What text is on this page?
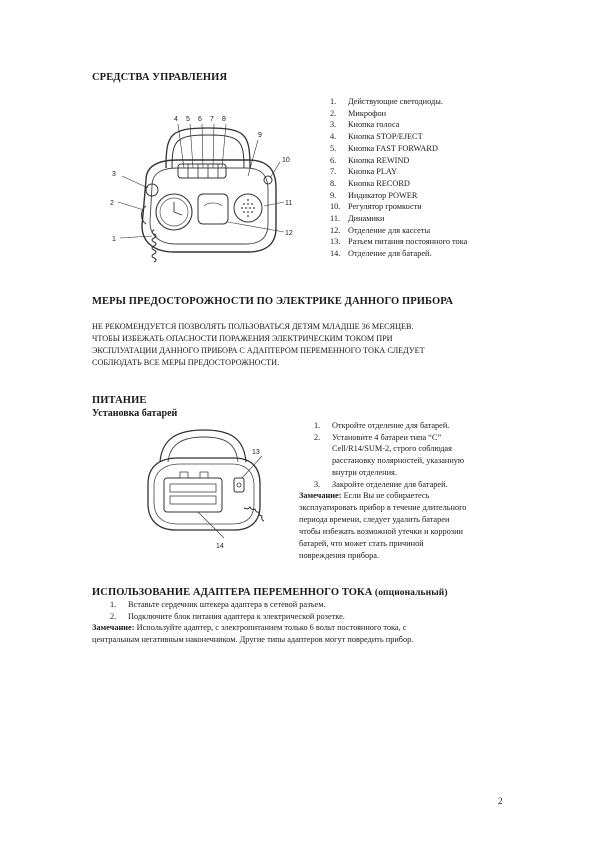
СРЕДСТВА УПРАВЛЕНИЯ
4 5 6 7 8
9
10
3
2
1
11
12
1. Действующие светодиоды.
2. Микрофон
3. Кнопка голоса
4. Кнопка STOP/EJECT
5. Кнопка FAST FORWARD
6. Кнопка REWIND
7. Кнопка PLAY
8. Кнопка RECORD
9. Индикатор POWER
10. Регулятор громкости
11. Динамики
12. Отделение для кассеты
13. Разъем питания постоянного тока
14. Отделение для батарей.
МЕРЫ ПРЕДОСТОРОЖНОСТИ ПО ЭЛЕКТРИКЕ ДАННОГО ПРИБОРА
НЕ РЕКОМЕНДУЕТСЯ ПОЗВОЛЯТЬ ПОЛЬЗОВАТЬСЯ ДЕТЯМ МЛАДШЕ 36 МЕСЯЦЕВ.
ЧТОБЫ ИЗБЕЖАТЬ ОПАСНОСТИ ПОРАЖЕНИЯ ЭЛЕКТРИЧЕСКИМ ТОКОМ ПРИ
ЭКСПЛУАТАЦИИ ДАННОГО ПРИБОРА С АДАПТЕРОМ ПЕРЕМЕННОГО ТОКА СЛЕДУЕТ
СОБЛЮДАТЬ ВСЕ МЕРЫ ПРЕДОСТОРОЖНОСТИ.
ПИТАНИЕ
Установка батарей
13
14
1. Откройте отделение для батарей.
2. Установите 4 батареи типа “С”
Cell/R14/SUM-2, строго соблюдая
расстановку полярностей, указанную
внутри отделения.
3. Закройте отделение для батарей.
Замечание: Если Вы не собираетесь
эксплуатировать прибор в течение длительного
периода времени, следует удалить батареи
чтобы избежать возможной утечки и коррозии
батарей, что может стать причиной
повреждения прибора.
ИСПОЛЬЗОВАНИЕ АДАПТЕРА ПЕРЕМЕННОГО ТОКА (опциональный)
1. Вставьте сердечник штекера адаптера в сетевой разъем.
2. Подключите блок питания адаптера к электрической розетке.
Замечание: Используйте адаптер, с электропитанием только 6 вольт постоянного тока, с
центральным негативным наконечником. Другие типы адаптеров могут повредить прибор.
2
